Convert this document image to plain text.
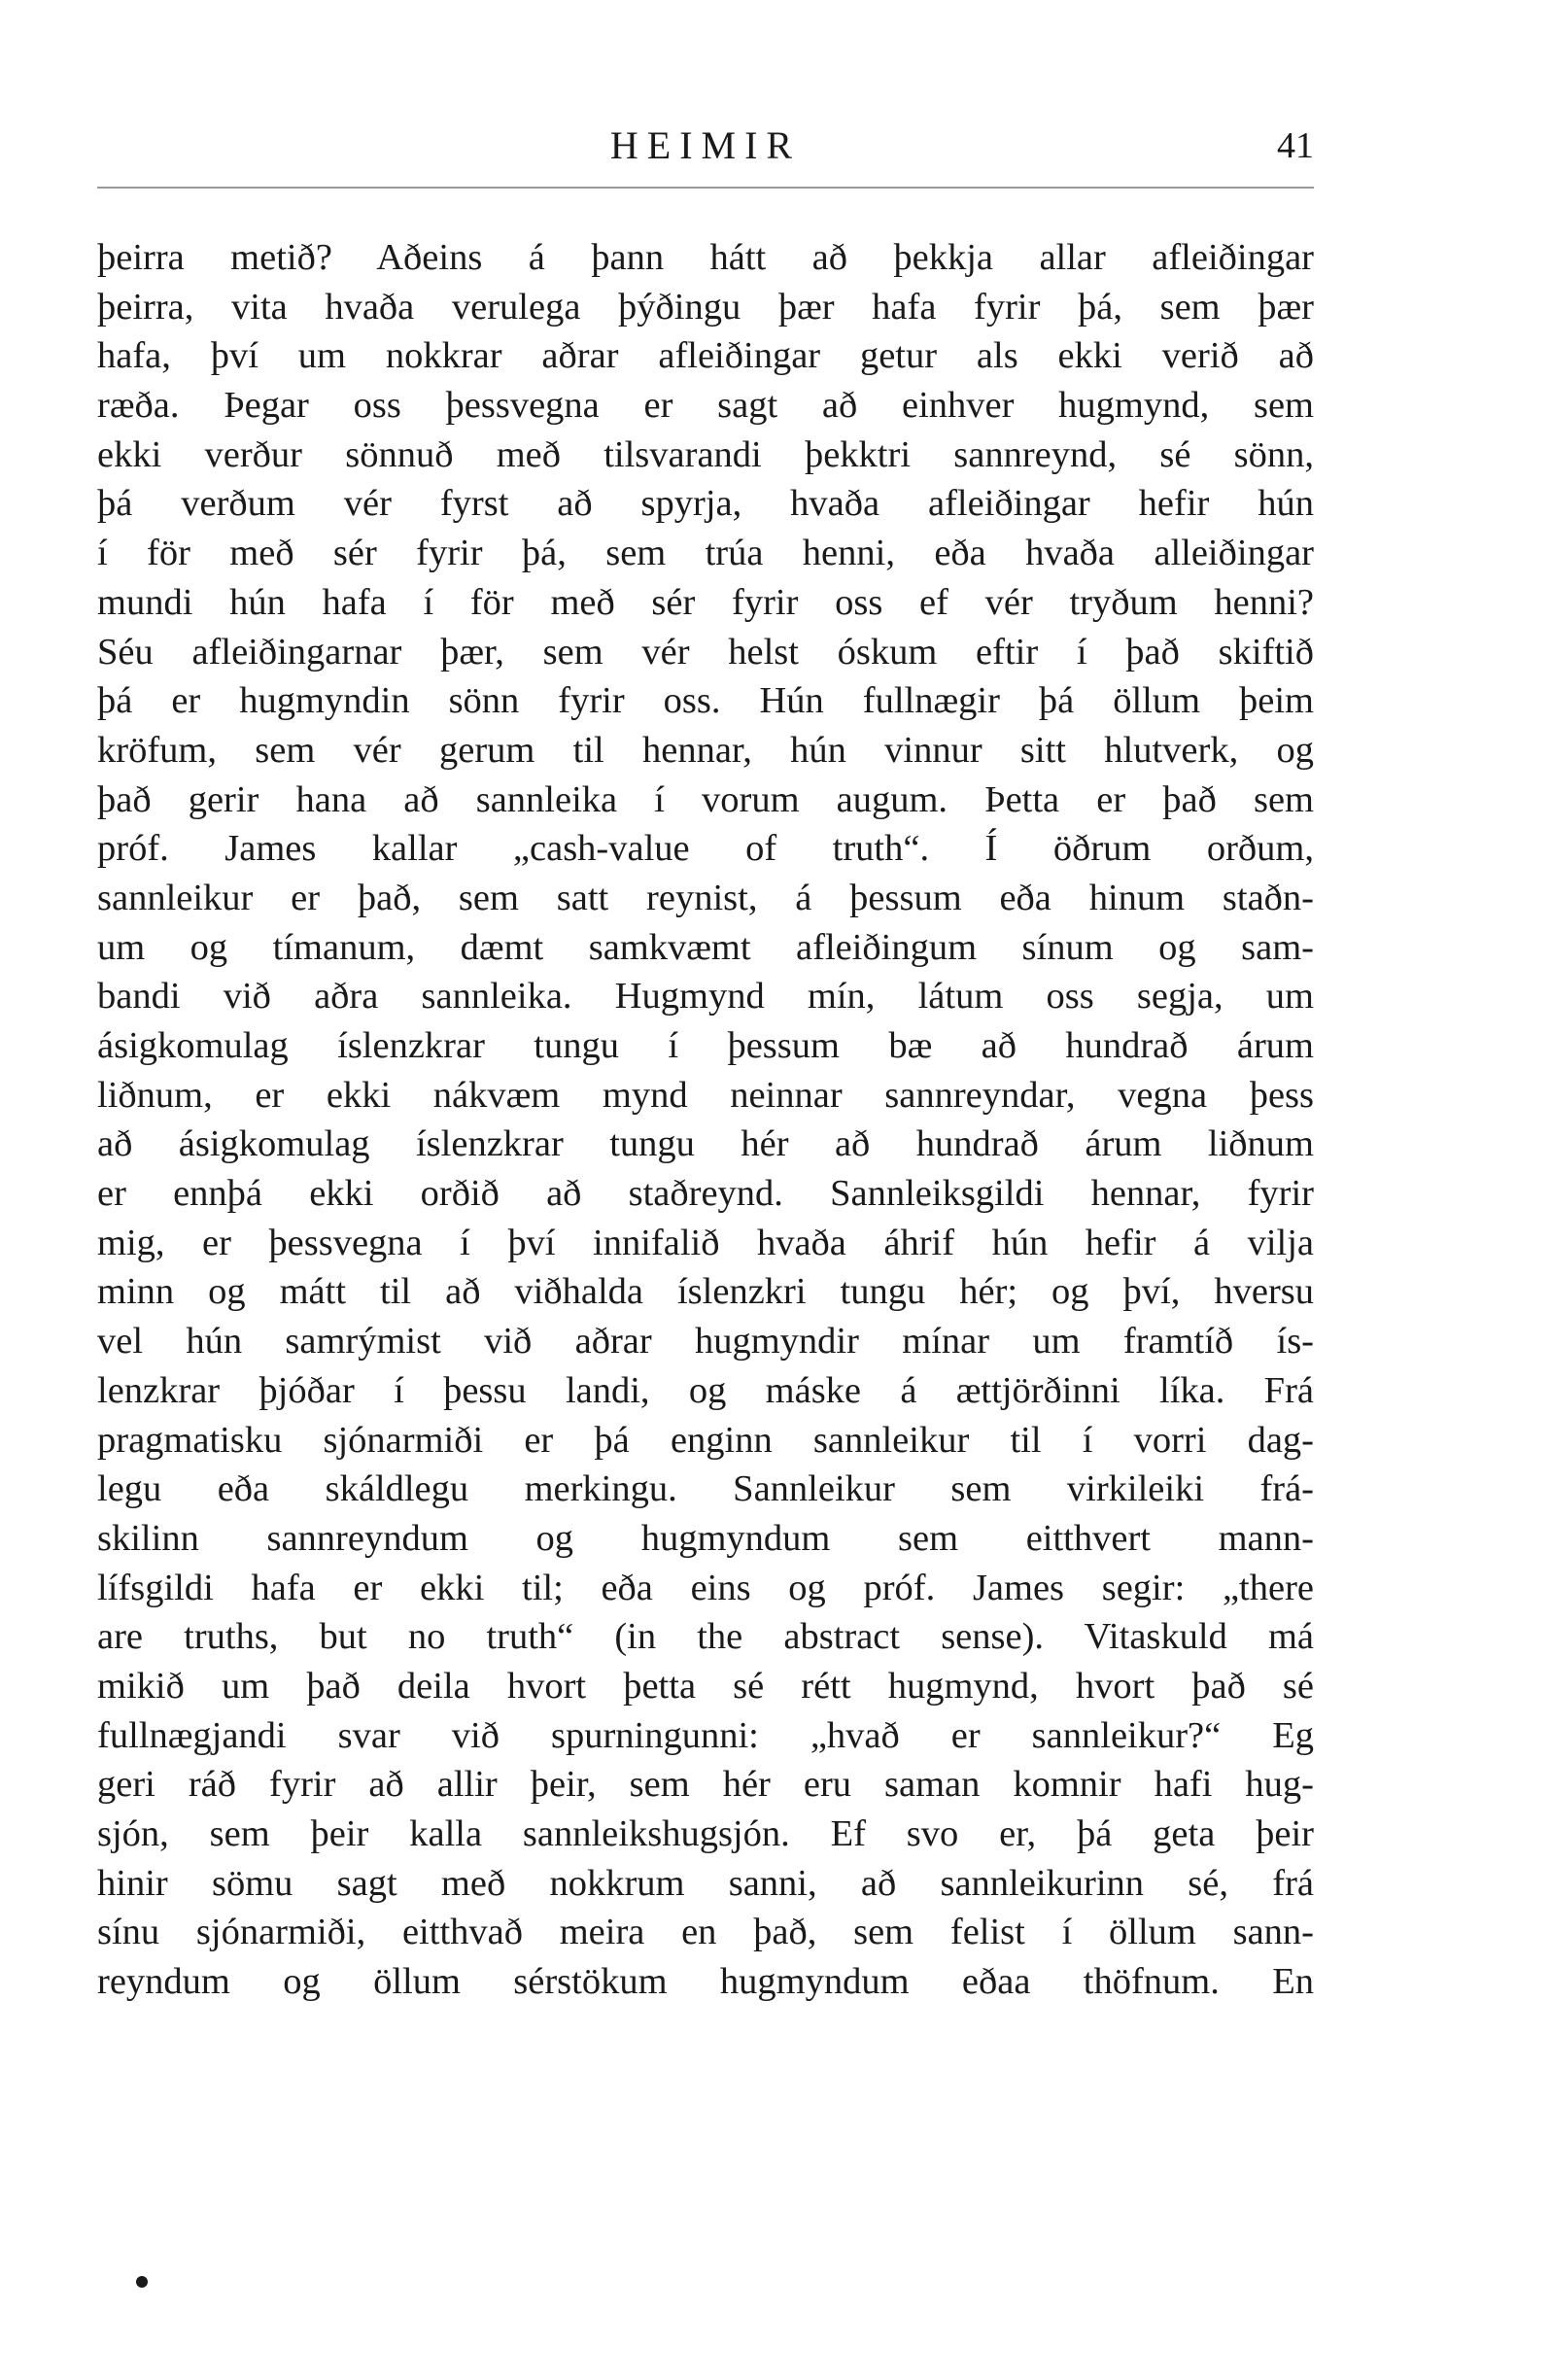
HEIMIR	41
þeirra metið? Aðeins á þann hátt að þekkja allar afleiðingar
þeirra, vita hvaða verulega þýðingu þær hafa fyrir þá, sem þær
hafa, því um nokkrar aðrar afleiðingar getur als ekki verið að
ræða. Þegar oss þessvegna er sagt að einhver hugmynd, sem
ekki verður sönnuð með tilsvarandi þekktri sannreynd, sé sönn,
þá verðum vér fyrst að spyrja, hvaða afleiðingar hefir hún
í för með sér fyrir þá, sem trúa henni, eða hvaða alleiðingar
mundi hún hafa í för með sér fyrir oss ef vér tryðum henni?
Séu afleiðingarnar þær, sem vér helst óskum eftir í það skiftið
þá er hugmyndin sönn fyrir oss. Hún fullnægir þá öllum þeim
kröfum, sem vér gerum til hennar, hún vinnur sitt hlutverk, og
það gerir hana að sannleika í vorum augum. Þetta er það sem
próf. James kallar „cash-value of truth“. Í öðrum orðum,
sannleikur er það, sem satt reynist, á þessum eða hinum staðn-
um og tímanum, dæmt samkvæmt afleiðingum sínum og sam-
bandi við aðra sannleika. Hugmynd mín, látum oss segja, um
ásigkomulag íslenzkrar tungu í þessum bæ að hundrað árum
liðnum, er ekki nákvæm mynd neinnar sannreyndar, vegna þess
að ásigkomulag íslenzkrar tungu hér að hundrað árum liðnum
er ennþá ekki orðið að staðreynd. Sannleiksgildi hennar, fyrir
mig, er þessvegna í því innifalið hvaða áhrif hún hefir á vilja
minn og mátt til að viðhalda íslenzkri tungu hér; og því, hversu
vel hún samrýmist við aðrar hugmyndir mínar um framtíð ís-
lenzkrar þjóðar í þessu landi, og máske á ættjörðinni líka. Frá
pragmatisku sjónarmiði er þá enginn sannleikur til í vorri dag-
legu eða skáldlegu merkingu. Sannleikur sem virkileiki frá-
skilinn sannreyndum og hugmyndum sem eitthvert mann-
lífsgildi hafa er ekki til; eða eins og próf. James segir: „there
are truths, but no truth“ (in the abstract sense). Vitaskuld má
mikið um það deila hvort þetta sé rétt hugmynd, hvort það sé
fullnægjandi svar við spurningunni: „hvað er sannleikur?“ Eg
geri ráð fyrir að allir þeir, sem hér eru saman komnir hafi hug-
sjón, sem þeir kalla sannleikshugsjón. Ef svo er, þá geta þeir
hinir sömu sagt með nokkrum sanni, að sannleikurinn sé, frá
sínu sjónarmiði, eitthvað meira en það, sem felist í öllum sann-
reyndum og öllum sérstökum hugmyndum eðaa thöfnum. En
